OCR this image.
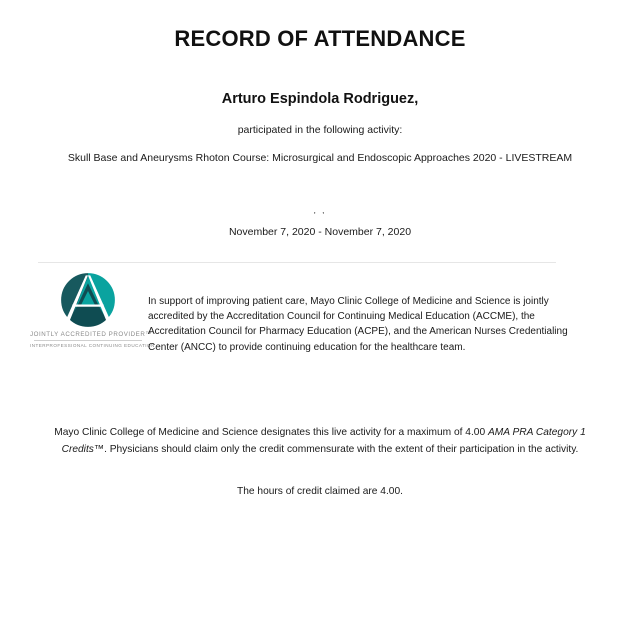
RECORD OF ATTENDANCE
Arturo Espindola Rodriguez,
participated in the following activity:
Skull Base and Aneurysms Rhoton Course: Microsurgical and Endoscopic Approaches 2020 - LIVESTREAM
, ,
November 7, 2020 - November 7, 2020
JOINTLY ACCREDITED PROVIDER™
INTERPROFESSIONAL CONTINUING EDUCATION
In support of improving patient care, Mayo Clinic College of Medicine and Science is jointly accredited by the Accreditation Council for Continuing Medical Education (ACCME), the Accreditation Council for Pharmacy Education (ACPE), and the American Nurses Credentialing Center (ANCC) to provide continuing education for the healthcare team.
Mayo Clinic College of Medicine and Science designates this live activity for a maximum of 4.00 AMA PRA Category 1 Credits™. Physicians should claim only the credit commensurate with the extent of their participation in the activity.
The hours of credit claimed are 4.00.
